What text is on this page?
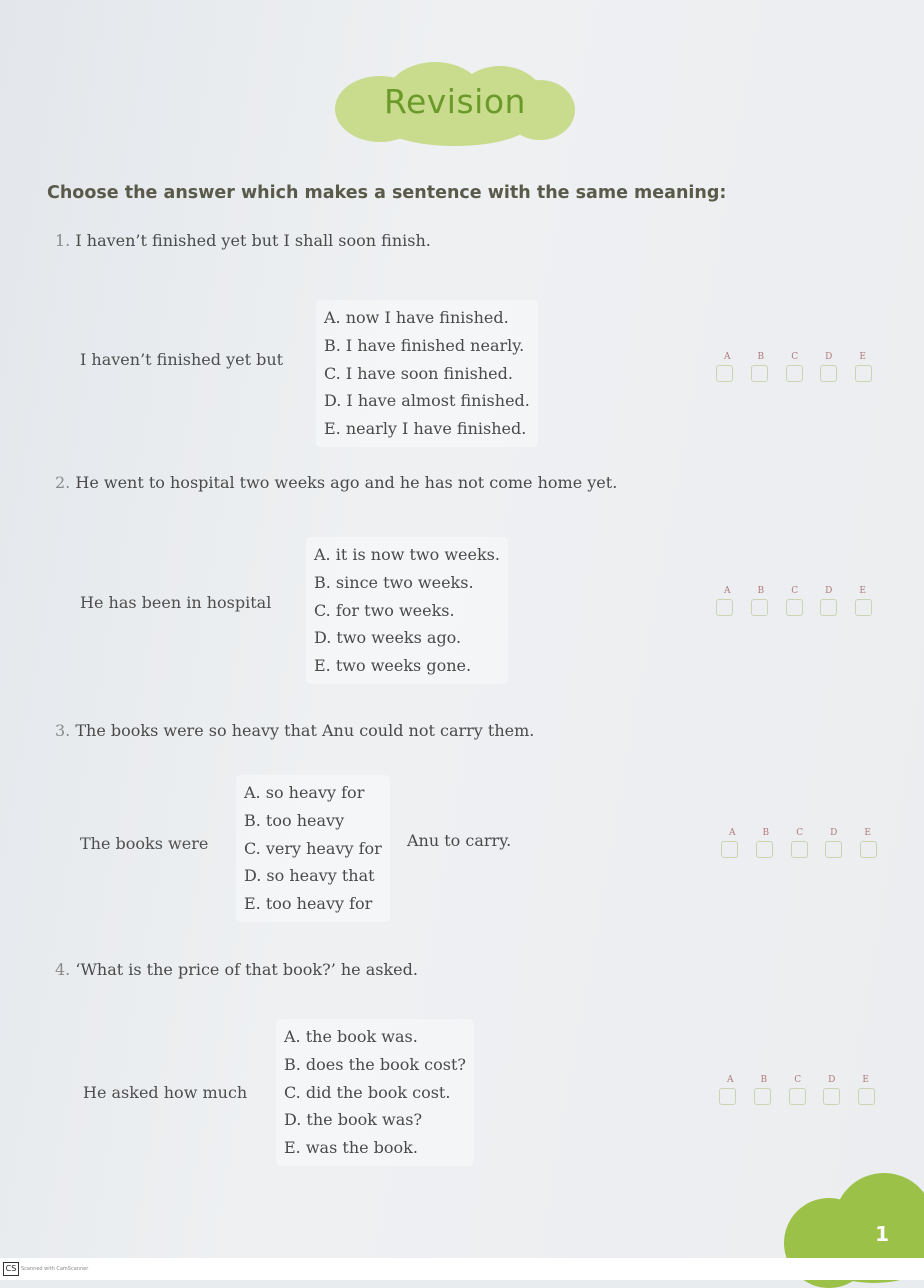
Revision
Choose the answer which makes a sentence with the same meaning:
1. I haven’t finished yet but I shall soon finish.
I haven’t finished yet but
A. now I have finished.
B. I have finished nearly.
C. I have soon finished.
D. I have almost finished.
E. nearly I have finished.
A	B	C	D	E
2. He went to hospital two weeks ago and he has not come home yet.
He has been in hospital
A. it is now two weeks.
B. since two weeks.
C. for two weeks.
D. two weeks ago.
E. two weeks gone.
A	B	C	D	E
3. The books were so heavy that Anu could not carry them.
The books were
A. so heavy for
B. too heavy
C. very heavy for
D. so heavy that
E. too heavy for
Anu to carry.	A	B	C	D	E
4. ‘What is the price of that book?’ he asked.
He asked how much
A. the book was.
B. does the book cost?
C. did the book cost.
D. the book was?
E. was the book.
A	B	C	D	E
1
CS Scanned with CamScanner
